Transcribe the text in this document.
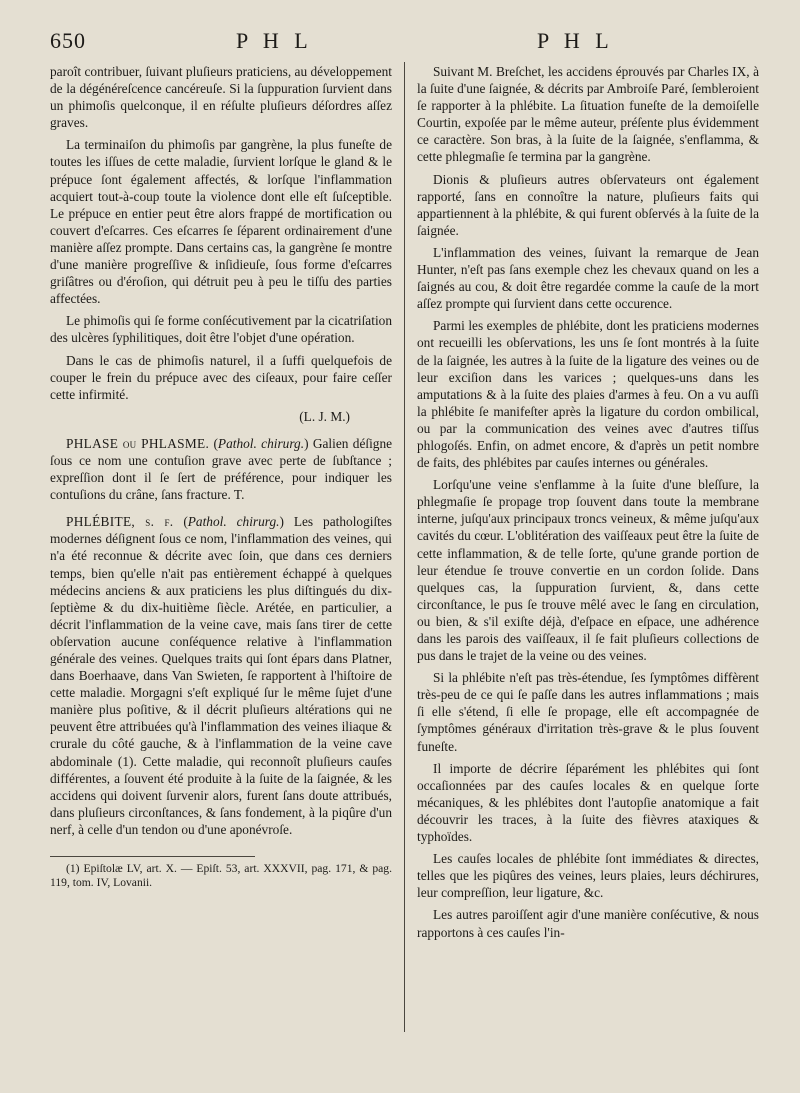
650	P H L	P H L

paroît contribuer, ſuivant pluſieurs praticiens, au développement de la dégénéreſcence cancéreuſe. Si la ſuppuration ſurvient dans un phimoſis quelconque, il en réſulte pluſieurs déſordres aſſez graves.

La terminaiſon du phimoſis par gangrène, la plus funeſte de toutes les iſſues de cette maladie, ſurvient lorſque le gland & le prépuce ſont également affectés, & lorſque l'inflammation acquiert tout-à-coup toute la violence dont elle eſt ſuſceptible. Le prépuce en entier peut être alors frappé de mortification ou couvert d'eſcarres. Ces eſcarres ſe ſéparent ordinairement d'une manière aſſez prompte. Dans certains cas, la gangrène ſe montre d'une manière progreſſive & inſidieuſe, ſous forme d'eſcarres griſâtres ou d'éroſion, qui détruit peu à peu le tiſſu des parties affectées.

Le phimoſis qui ſe forme conſécutivement par la cicatriſation des ulcères ſyphilitiques, doit être l'objet d'une opération.

Dans le cas de phimoſis naturel, il a ſuffi quelquefois de couper le frein du prépuce avec des ciſeaux, pour faire ceſſer cette infirmité.

(L. J. M.)

PHLASE ou PHLASME. (Pathol. chirurg.) Galien déſigne ſous ce nom une contuſion grave avec perte de ſubſtance ; expreſſion dont il ſe ſert de préférence, pour indiquer les contuſions du crâne, ſans fracture. T.

PHLÉBITE, ſ. f. (Pathol. chirurg.) Les pathologiſtes modernes déſignent ſous ce nom, l'inflammation des veines, qui n'a été reconnue & décrite avec ſoin, que dans ces derniers temps, bien qu'elle n'ait pas entièrement échappé à quelques médecins anciens & aux praticiens les plus diſtingués du dix-ſeptième & du dix-huitième ſiècle. Arétée, en particulier, a décrit l'inflammation de la veine cave, mais ſans tirer de cette obſervation aucune conſéquence relative à l'inflammation générale des veines. Quelques traits qui ſont épars dans Platner, dans Boerhaave, dans Van Swieten, ſe rapportent à l'hiſtoire de cette maladie. Morgagni s'eſt expliqué ſur le même ſujet d'une manière plus poſitive, & il décrit pluſieurs altérations qui ne peuvent être attribuées qu'à l'inflammation des veines iliaque & crurale du côté gauche, & à l'inflammation de la veine cave abdominale (1). Cette maladie, qui reconnoît pluſieurs cauſes différentes, a ſouvent été produite à la ſuite de la ſaignée, & les accidens qui doivent ſurvenir alors, furent ſans doute attribués, dans pluſieurs circonſtances, & ſans fondement, à la piqûre d'un nerf, à celle d'un tendon ou d'une aponévroſe.

(1) Epiſtolæ LV, art. X. — Epiſt. 53, art. XXXVII, pag. 171, & pag. 119, tom. IV, Lovanii.

Suivant M. Breſchet, les accidens éprouvés par Charles IX, à la ſuite d'une ſaignée, & décrits par Ambroiſe Paré, ſembleroient ſe rapporter à la phlébite. La ſituation funeſte de la demoiſelle Courtin, expoſée par le même auteur, préſente plus évidemment ce caractère. Son bras, à la ſuite de la ſaignée, s'enflamma, & cette phlegmaſie ſe termina par la gangrène.

Dionis & pluſieurs autres obſervateurs ont également rapporté, ſans en connoître la nature, pluſieurs faits qui appartiennent à la phlébite, & qui furent obſervés à la ſuite de la ſaignée.

L'inflammation des veines, ſuivant la remarque de Jean Hunter, n'eſt pas ſans exemple chez les chevaux quand on les a ſaignés au cou, & doit être regardée comme la cauſe de la mort aſſez prompte qui ſurvient dans cette occurence.

Parmi les exemples de phlébite, dont les praticiens modernes ont recueilli les obſervations, les uns ſe ſont montrés à la ſuite de la ſaignée, les autres à la ſuite de la ligature des veines ou de leur exciſion dans les varices ; quelques-uns dans les amputations & à la ſuite des plaies d'armes à feu. On a vu auſſi la phlébite ſe manifeſter après la ligature du cordon ombilical, ou par la communication des veines avec d'autres tiſſus phlogoſés. Enfin, on admet encore, & d'après un petit nombre de faits, des phlébites par cauſes internes ou générales.

Lorſqu'une veine s'enflamme à la ſuite d'une bleſſure, la phlegmaſie ſe propage trop ſouvent dans toute la membrane interne, juſqu'aux principaux troncs veineux, & même juſqu'aux cavités du cœur. L'oblitération des vaiſſeaux peut être la ſuite de cette inflammation, & de telle ſorte, qu'une grande portion de leur étendue ſe trouve convertie en un cordon ſolide. Dans quelques cas, la ſuppuration ſurvient, &, dans cette circonſtance, le pus ſe trouve mêlé avec le ſang en circulation, ou bien, & s'il exiſte déjà, d'eſpace en eſpace, une adhérence dans les parois des vaiſſeaux, il ſe fait pluſieurs collections de pus dans le trajet de la veine ou des veines.

Si la phlébite n'eſt pas très-étendue, ſes ſymptômes diffèrent très-peu de ce qui ſe paſſe dans les autres inflammations ; mais ſi elle s'étend, ſi elle ſe propage, elle eſt accompagnée de ſymptômes généraux d'irritation très-grave & le plus ſouvent funeſte.

Il importe de décrire ſéparément les phlébites qui ſont occaſionnées par des cauſes locales & en quelque ſorte mécaniques, & les phlébites dont l'autopſie anatomique a fait découvrir les traces, à la ſuite des fièvres ataxiques & typhoïdes.

Les cauſes locales de phlébite ſont immédiates & directes, telles que les piqûres des veines, leurs plaies, leurs déchirures, leur compreſſion, leur ligature, &c.

Les autres paroiſſent agir d'une manière conſécutive, & nous rapportons à ces cauſes l'in-
